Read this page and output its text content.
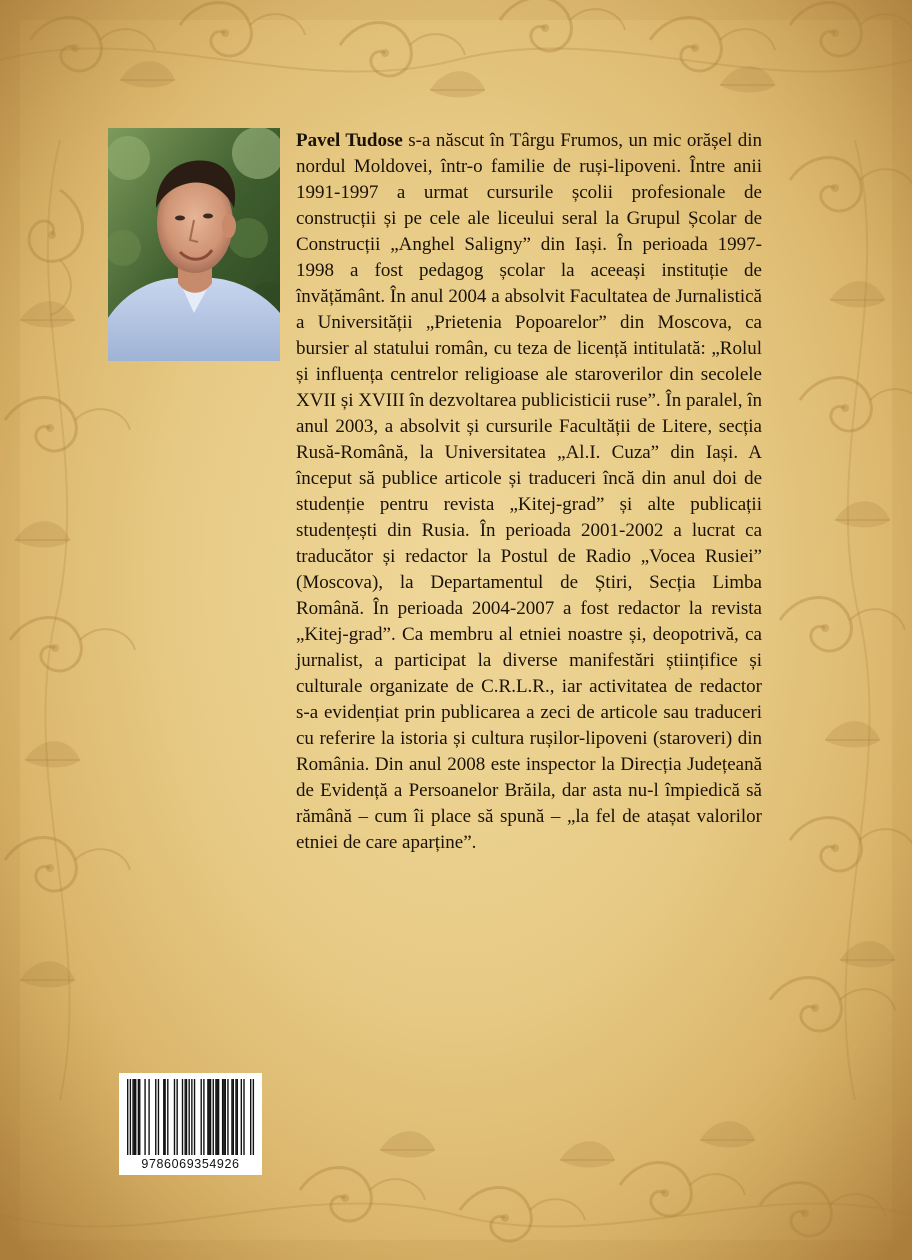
Pavel Tudose s-a născut în Târgu Frumos, un mic orășel din nordul Moldovei, într-o familie de ruși-lipoveni. Între anii 1991-1997 a urmat cursurile școlii profesionale de construcții și pe cele ale liceului seral la Grupul Școlar de Construcții „Anghel Saligny” din Iași. În perioada 1997-1998 a fost pedagog școlar la aceeași instituție de învățământ. În anul 2004 a absolvit Facultatea de Jurnalistică a Universității „Prietenia Popoarelor” din Moscova, ca bursier al statului român, cu teza de licență intitulată: „Rolul și influența centrelor religioase ale staroverilor din secolele XVII și XVIII în dezvoltarea publicisticii ruse”. În paralel, în anul 2003, a absolvit și cursurile Facultății de Litere, secția Rusă-Română, la Universitatea „Al.I. Cuza” din Iași. A început să publice articole și traduceri încă din anul doi de studenție pentru revista „Kitej-grad” și alte publicații studențești din Rusia. În perioada 2001-2002 a lucrat ca traducător și redactor la Postul de Radio „Vocea Rusiei” (Moscova), la Departamentul de Știri, Secția Limba Română. În perioada 2004-2007 a fost redactor la revista „Kitej-grad”. Ca membru al etniei noastre și, deopotrivă, ca jurnalist, a participat la diverse manifestări științifice și culturale organizate de C.R.L.R., iar activitatea de redactor s-a evidențiat prin publicarea a zeci de articole sau traduceri cu referire la istoria și cultura rușilor-lipoveni (staroveri) din România. Din anul 2008 este inspector la Direcția Județeană de Evidență a Persoanelor Brăila, dar asta nu-l împiedică să rămână – cum îi place să spună – „la fel de atașat valorilor etniei de care aparține”.

9786069354926
